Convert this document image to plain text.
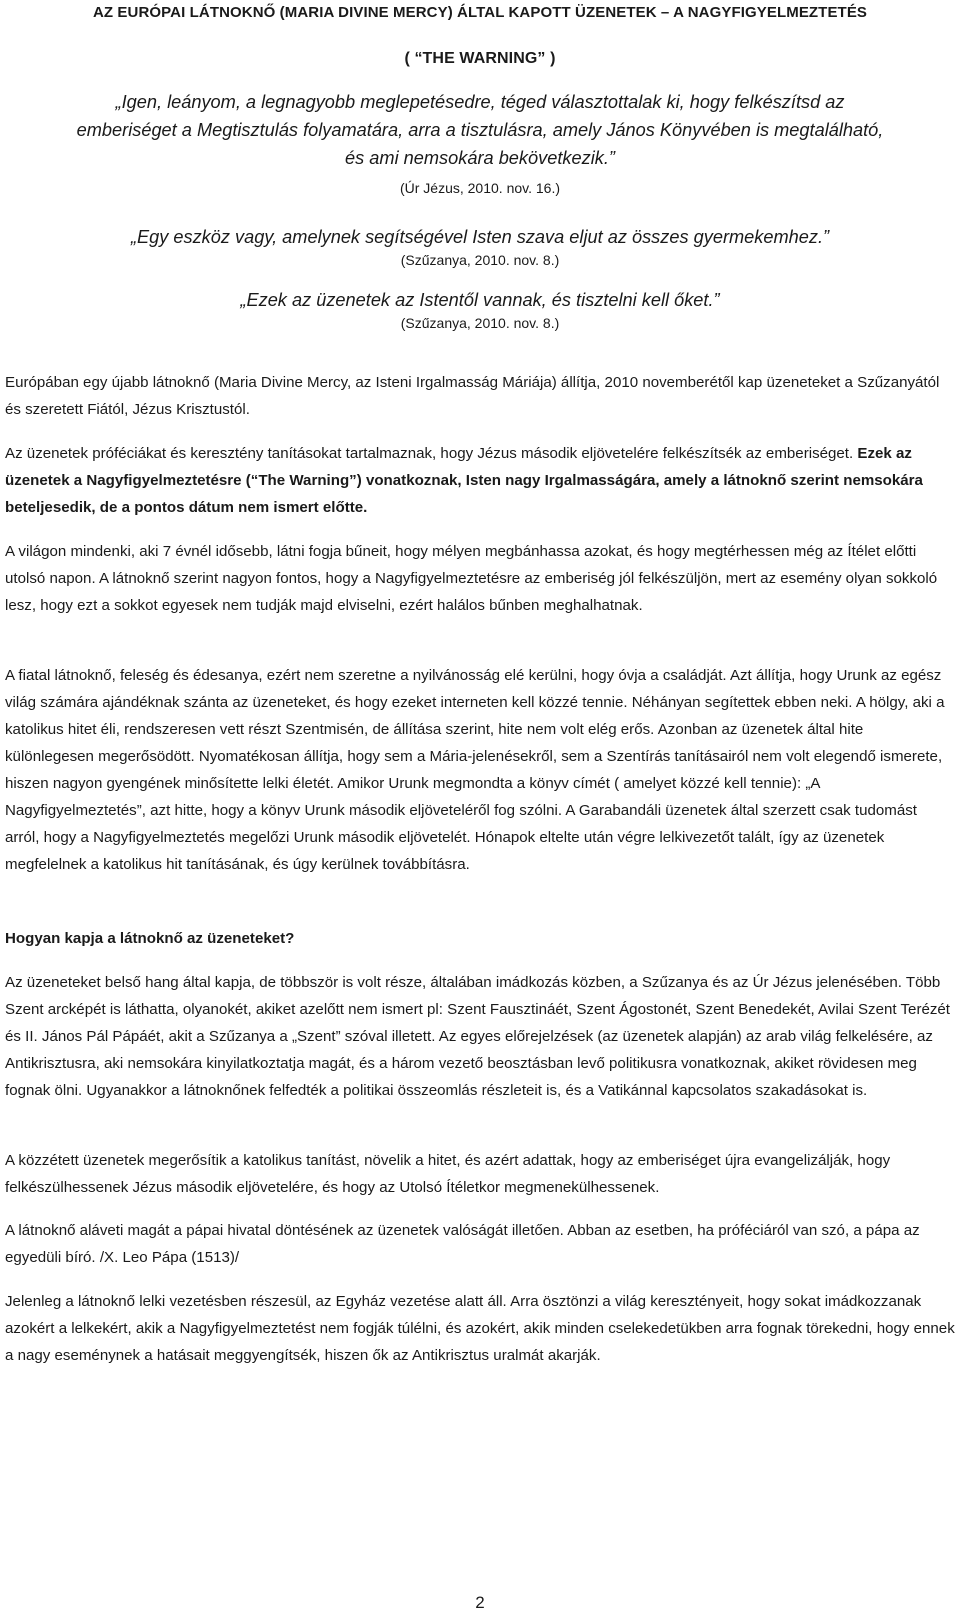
AZ EURÓPAI LÁTNOKNŐ (MARIA DIVINE MERCY) ÁLTAL KAPOTT ÜZENETEK – A NAGYFIGYELMEZTETÉS
( “THE WARNING” )
„Igen, leányom, a legnagyobb meglepetésedre, téged választottalak ki, hogy felkészítsd az
emberiséget a Megtisztulás folyamatára, arra a tisztulásra, amely János Könyvében is megtalálható,
és ami nemsokára bekövetkezik.”
(Úr Jézus, 2010. nov. 16.)
„Egy eszköz vagy, amelynek segítségével Isten szava eljut az összes gyermekemhez.”
(Szűzanya, 2010. nov. 8.)
„Ezek az üzenetek az Istentől vannak, és tisztelni kell őket.”
(Szűzanya, 2010. nov. 8.)

Európában egy újabb látnoknő (Maria Divine Mercy, az Isteni Irgalmasság Máriája) állítja, 2010 novemberétől kap üzeneteket a Szűzanyától és szeretett Fiától, Jézus Krisztustól.

Az üzenetek próféciákat és keresztény tanításokat tartalmaznak, hogy Jézus második eljövetelére felkészítsék az emberiséget. Ezek az üzenetek a Nagyfigyelmeztetésre (“The Warning”) vonatkoznak, Isten nagy Irgalmasságára, amely a látnoknő szerint nemsokára beteljesedik, de a pontos dátum nem ismert előtte.

A világon mindenki, aki 7 évnél idősebb, látni fogja bűneit, hogy mélyen megbánhassa azokat, és hogy megtérhessen még az Ítélet előtti utolsó napon. A látnoknő szerint nagyon fontos, hogy a Nagyfigyelmeztetésre az emberiség jól felkészüljön, mert az esemény olyan sokkoló lesz, hogy ezt a sokkot egyesek nem tudják majd elviselni, ezért halálos bűnben meghalhatnak.

A fiatal látnoknő, feleség és édesanya, ezért nem szeretne a nyilvánosság elé kerülni, hogy óvja a családját. Azt állítja, hogy Urunk az egész világ számára ajándéknak szánta az üzeneteket, és hogy ezeket interneten kell közzé tennie. Néhányan segítettek ebben neki. A hölgy, aki a katolikus hitet éli, rendszeresen vett részt Szentmisén, de állítása szerint, hite nem volt elég erős. Azonban az üzenetek által hite különlegesen megerősödött. Nyomatékosan állítja, hogy sem a Mária-jelenésekről, sem a Szentírás tanításairól nem volt elegendő ismerete, hiszen nagyon gyengének minősítette lelki életét. Amikor Urunk megmondta a könyv címét ( amelyet közzé kell tennie): „A Nagyfigyelmeztetés”, azt hitte, hogy a könyv Urunk második eljöveteléről fog szólni. A Garabandáli üzenetek által szerzett csak tudomást arról, hogy a Nagyfigyelmeztetés megelőzi Urunk második eljövetelét. Hónapok eltelte után végre lelkivezetőt talált, így az üzenetek megfelelnek a katolikus hit tanításának, és úgy kerülnek továbbításra.

Hogyan kapja a látnoknő az üzeneteket?

Az üzeneteket belső hang által kapja, de többször is volt része, általában imádkozás közben, a Szűzanya és az Úr Jézus jelenésében. Több Szent arcképét is láthatta, olyanokét, akiket azelőtt nem ismert pl: Szent Fausztináét, Szent Ágostonét, Szent Benedekét, Avilai Szent Terézét és II. János Pál Pápáét, akit a Szűzanya a „Szent” szóval illetett. Az egyes előrejelzések (az üzenetek alapján) az arab világ felkelésére, az Antikrisztusra, aki nemsokára kinyilatkoztatja magát, és a három vezető beosztásban levő politikusra vonatkoznak, akiket rövidesen meg fognak ölni. Ugyanakkor a látnoknőnek felfedték a politikai összeomlás részleteit is, és a Vatikánnal kapcsolatos szakadásokat is.

A közzétett üzenetek megerősítik a katolikus tanítást, növelik a hitet, és azért adattak, hogy az emberiséget újra evangelizálják, hogy felkészülhessenek Jézus második eljövetelére, és hogy az Utolsó Ítéletkor megmenekülhessenek.

A látnoknő aláveti magát a pápai hivatal döntésének az üzenetek valóságát illetően. Abban az esetben, ha próféciáról van szó, a pápa az egyedüli bíró. /X. Leo Pápa (1513)/

Jelenleg a látnoknő lelki vezetésben részesül, az Egyház vezetése alatt áll. Arra ösztönzi a világ keresztényeit, hogy sokat imádkozzanak azokért a lelkekért, akik a Nagyfigyelmeztetést nem fogják túlélni, és azokért, akik minden cselekedetükben arra fognak törekedni, hogy ennek a nagy eseménynek a hatásait meggyengítsék, hiszen ők az Antikrisztus uralmát akarják.

2
